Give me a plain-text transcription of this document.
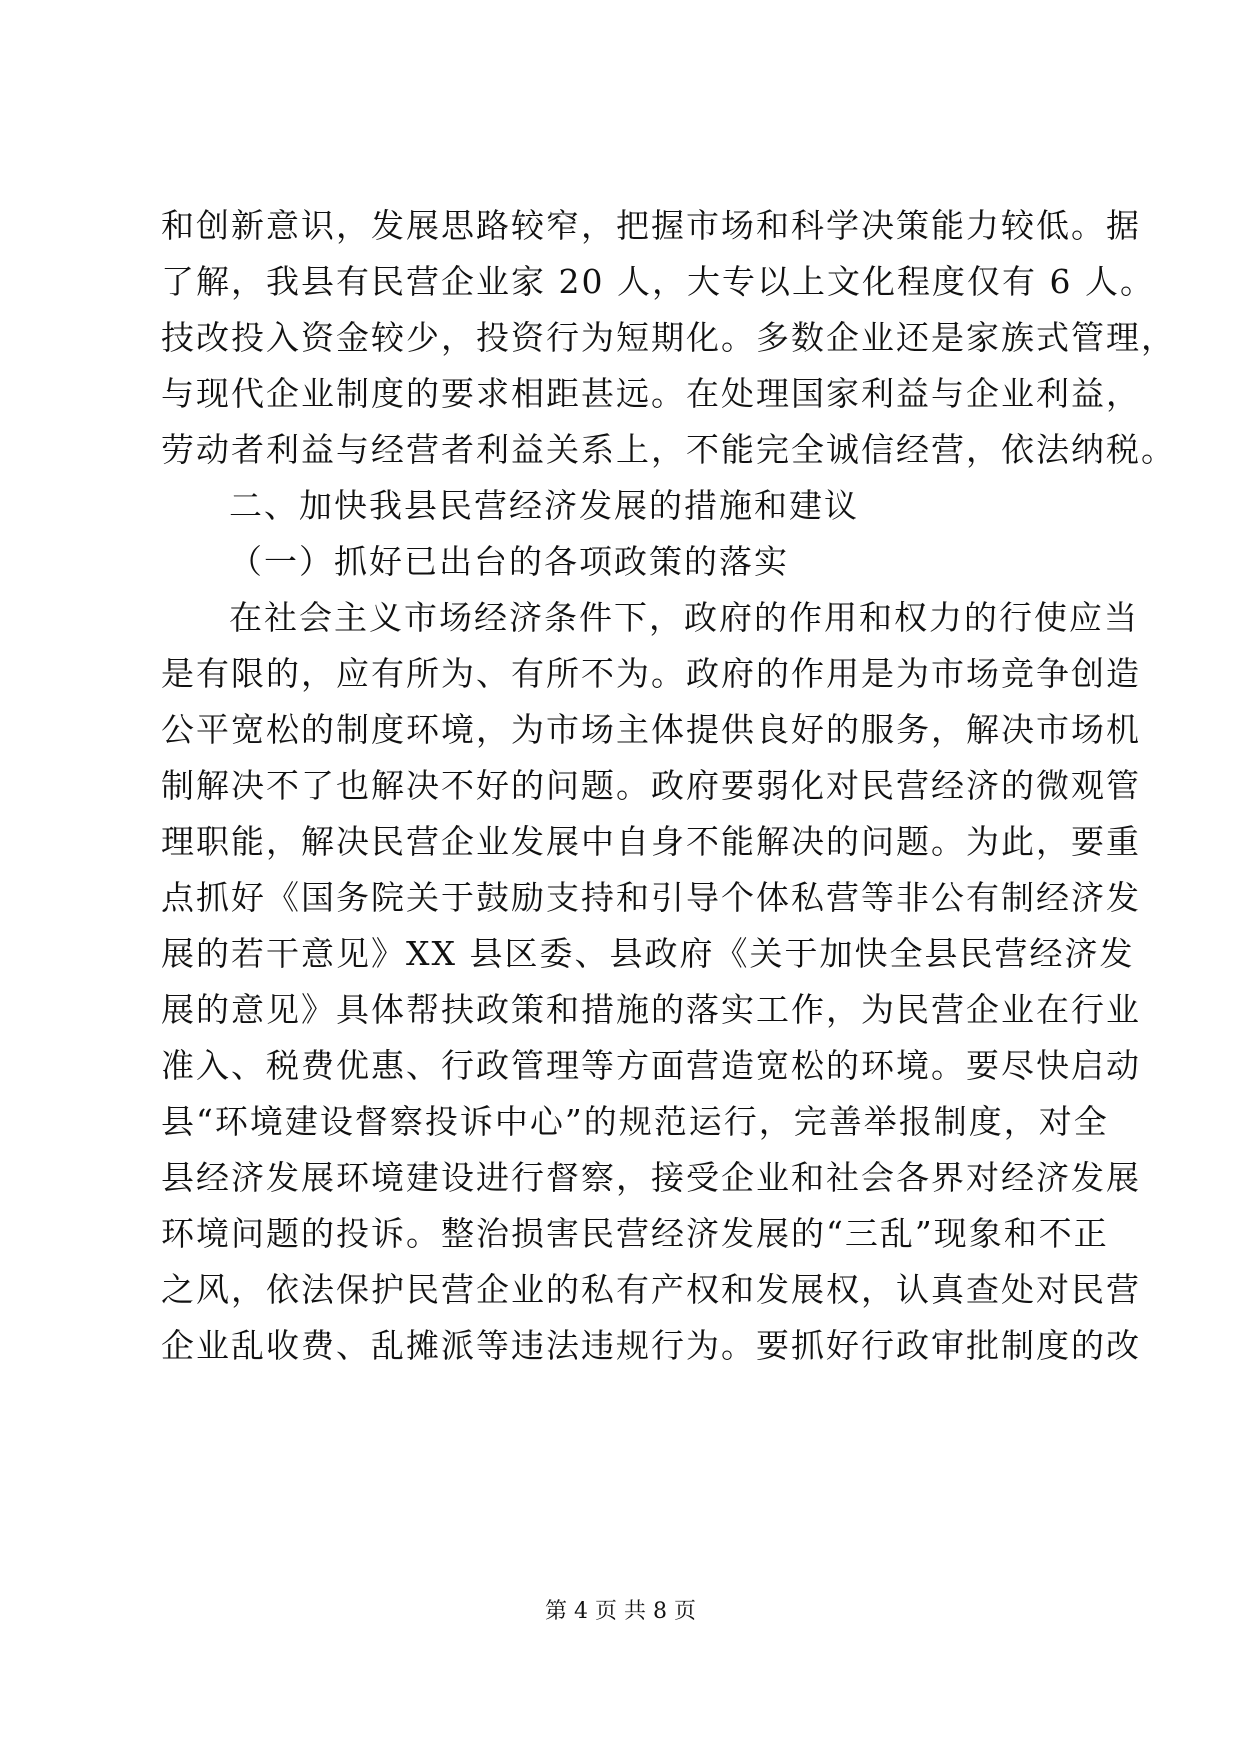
和 创 新 意 识 ， 发 展 思 路 较 窄 ， 把 握 市 场 和 科 学 决 策 能 力 较 低 。 据
了 解 ， 我 县 有 民 营 企 业 家
2 0
人 ， 大 专 以 上 文 化 程 度 仅 有
6
人 。
技 改 投 入 资 金 较 少 ， 投 资 行 为 短 期 化 。 多 数 企 业 还 是 家 族 式 管 理 ，
与 现 代 企 业 制 度 的 要 求 相 距 甚 远 。 在 处 理 国 家 利 益 与 企 业 利 益 ，
劳 动 者 利 益 与 经 营 者 利 益 关 系 上 ， 不 能 完 全 诚 信 经 营 ， 依 法 纳 税 。
二、加快我县民营经济发展的措施和建议
（一）抓好已出台的各项政策的落实
在 社 会 主 义 市 场 经 济 条 件 下 ， 政 府 的 作 用 和 权 力 的 行 使 应 当
是 有 限 的 ， 应 有 所 为 、 有 所 不 为 。 政 府 的 作 用 是 为 市 场 竞 争 创 造
公 平 宽 松 的 制 度 环 境 ， 为 市 场 主 体 提 供 良 好 的 服 务 ， 解 决 市 场 机
制 解 决 不 了 也 解 决 不 好 的 问 题 。 政 府 要 弱 化 对 民 营 经 济 的 微 观 管
理 职 能 ， 解 决 民 营 企 业 发 展 中 自 身 不 能 解 决 的 问 题 。 为 此 ， 要 重
点 抓 好 《 国 务 院 关 于 鼓 励 支 持 和 引 导 个 体 私 营 等 非 公 有 制 经 济 发
展 的 若 干 意 见 》 X X
县 区 委 、 县 政 府 《 关 于 加 快 全 县 民 营 经 济 发
展 的 意 见 》 具 体 帮 扶 政 策 和 措 施 的 落 实 工 作 ， 为 民 营 企 业 在 行 业
准 入 、 税 费 优 惠 、 行 政 管 理 等 方 面 营 造 宽 松 的 环 境 。 要 尽 快 启 动
县 “ 环 境 建 设 督 察 投 诉 中 心 ” 的 规 范 运 行 ， 完 善 举 报 制 度 ， 对 全
县 经 济 发 展 环 境 建 设 进 行 督 察 ， 接 受 企 业 和 社 会 各 界 对 经 济 发 展
环 境 问 题 的 投 诉 。 整 治 损 害 民 营 经 济 发 展 的 “ 三 乱 ” 现 象 和 不 正
之 风 ， 依 法 保 护 民 营 企 业 的 私 有 产 权 和 发 展 权 ， 认 真 查 处 对 民 营
企 业 乱 收 费 、 乱 摊 派 等 违 法 违 规 行 为 。 要 抓 好 行 政 审 批 制 度 的 改
第 4 页 共 8 页
